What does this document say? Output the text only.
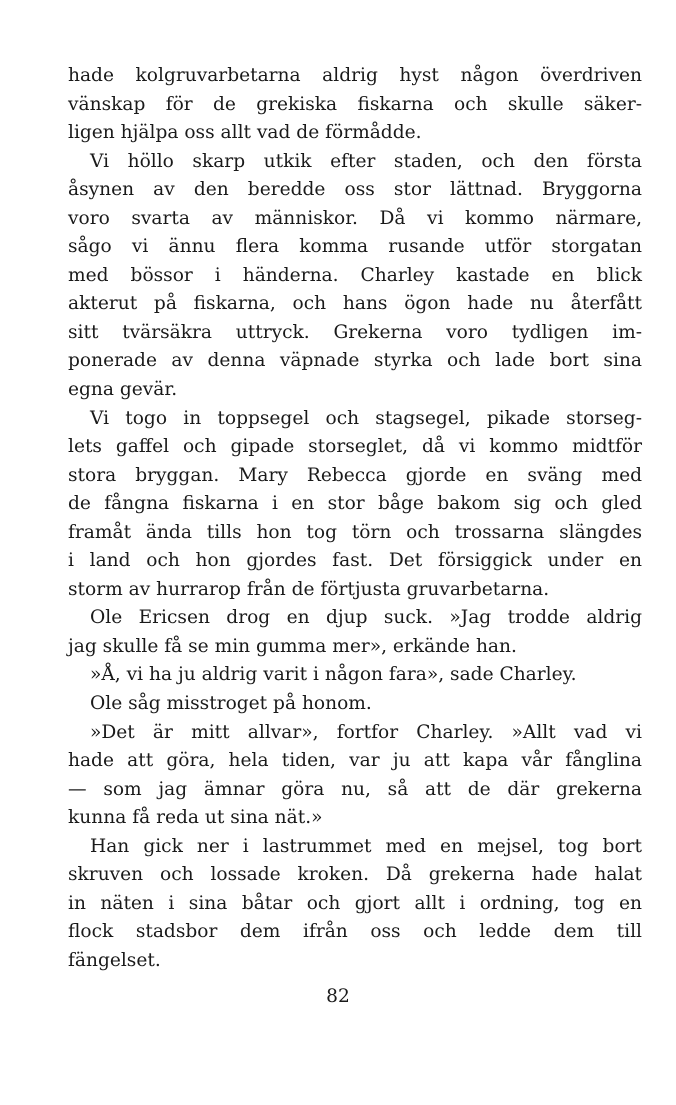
hade kolgruvarbetarna aldrig hyst någon överdriven
vänskap för de grekiska fiskarna och skulle säker-
ligen hjälpa oss allt vad de förmådde.
Vi höllo skarp utkik efter staden, och den första
åsynen av den beredde oss stor lättnad. Bryggorna
voro svarta av människor. Då vi kommo närmare,
sågo vi ännu flera komma rusande utför storgatan
med bössor i händerna. Charley kastade en blick
akterut på fiskarna, och hans ögon hade nu återfått
sitt tvärsäkra uttryck. Grekerna voro tydligen im-
ponerade av denna väpnade styrka och lade bort sina
egna gevär.
Vi togo in toppsegel och stagsegel, pikade storseg-
lets gaffel och gipade storseglet, då vi kommo midtför
stora bryggan. Mary Rebecca gjorde en sväng med
de fångna fiskarna i en stor båge bakom sig och gled
framåt ända tills hon tog törn och trossarna slängdes
i land och hon gjordes fast. Det försiggick under en
storm av hurrarop från de förtjusta gruvarbetarna.
Ole Ericsen drog en djup suck. »Jag trodde aldrig
jag skulle få se min gumma mer», erkände han.
»Å, vi ha ju aldrig varit i någon fara», sade Charley.
Ole såg misstroget på honom.
»Det är mitt allvar», fortfor Charley. »Allt vad vi
hade att göra, hela tiden, var ju att kapa vår fånglina
— som jag ämnar göra nu, så att de där grekerna
kunna få reda ut sina nät.»
Han gick ner i lastrummet med en mejsel, tog bort
skruven och lossade kroken. Då grekerna hade halat
in näten i sina båtar och gjort allt i ordning, tog en
flock stadsbor dem ifrån oss och ledde dem till
fängelset.
82
